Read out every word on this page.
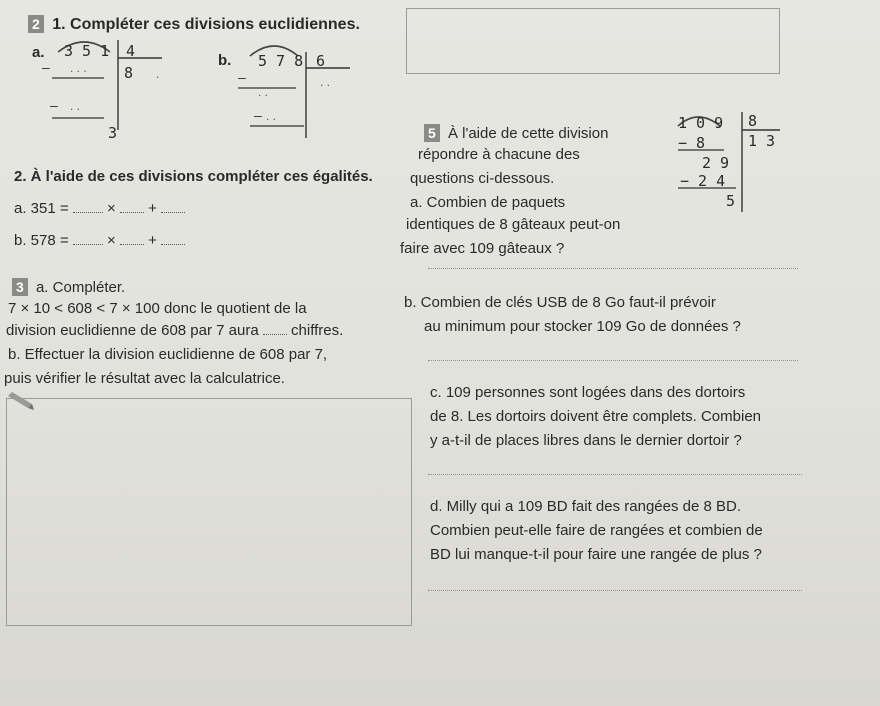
2 1. Compléter ces divisions euclidiennes.
a.
– . . .
– . .
.
3 5 1 4
8
3
b.
–
. .
– . .
. .
5 7 8 6
2. À l'aide de ces divisions compléter ces égalités.
a. 351 =	× +
b. 578 =	× +
5 À l'aide de cette division
répondre à chacune des
questions ci-dessous.
1 0 9 8
1 3
− 8
2 9
− 2 4
5
a. Combien de paquets
identiques de 8 gâteaux peut-on
faire avec 109 gâteaux ?
b. Combien de clés USB de 8 Go faut-il prévoir
au minimum pour stocker 109 Go de données ?
3 a. Compléter.
7 × 10 < 608 < 7 × 100 donc le quotient de la
division euclidienne de 608 par 7 aura chiffres.
b. Effectuer la division euclidienne de 608 par 7,
puis vérifier le résultat avec la calculatrice.
c. 109 personnes sont logées dans des dortoirs
de 8. Les dortoirs doivent être complets. Combien
y a-t-il de places libres dans le dernier dortoir ?
d. Milly qui a 109 BD fait des rangées de 8 BD.
Combien peut-elle faire de rangées et combien de
BD lui manque-t-il pour faire une rangée de plus ?
